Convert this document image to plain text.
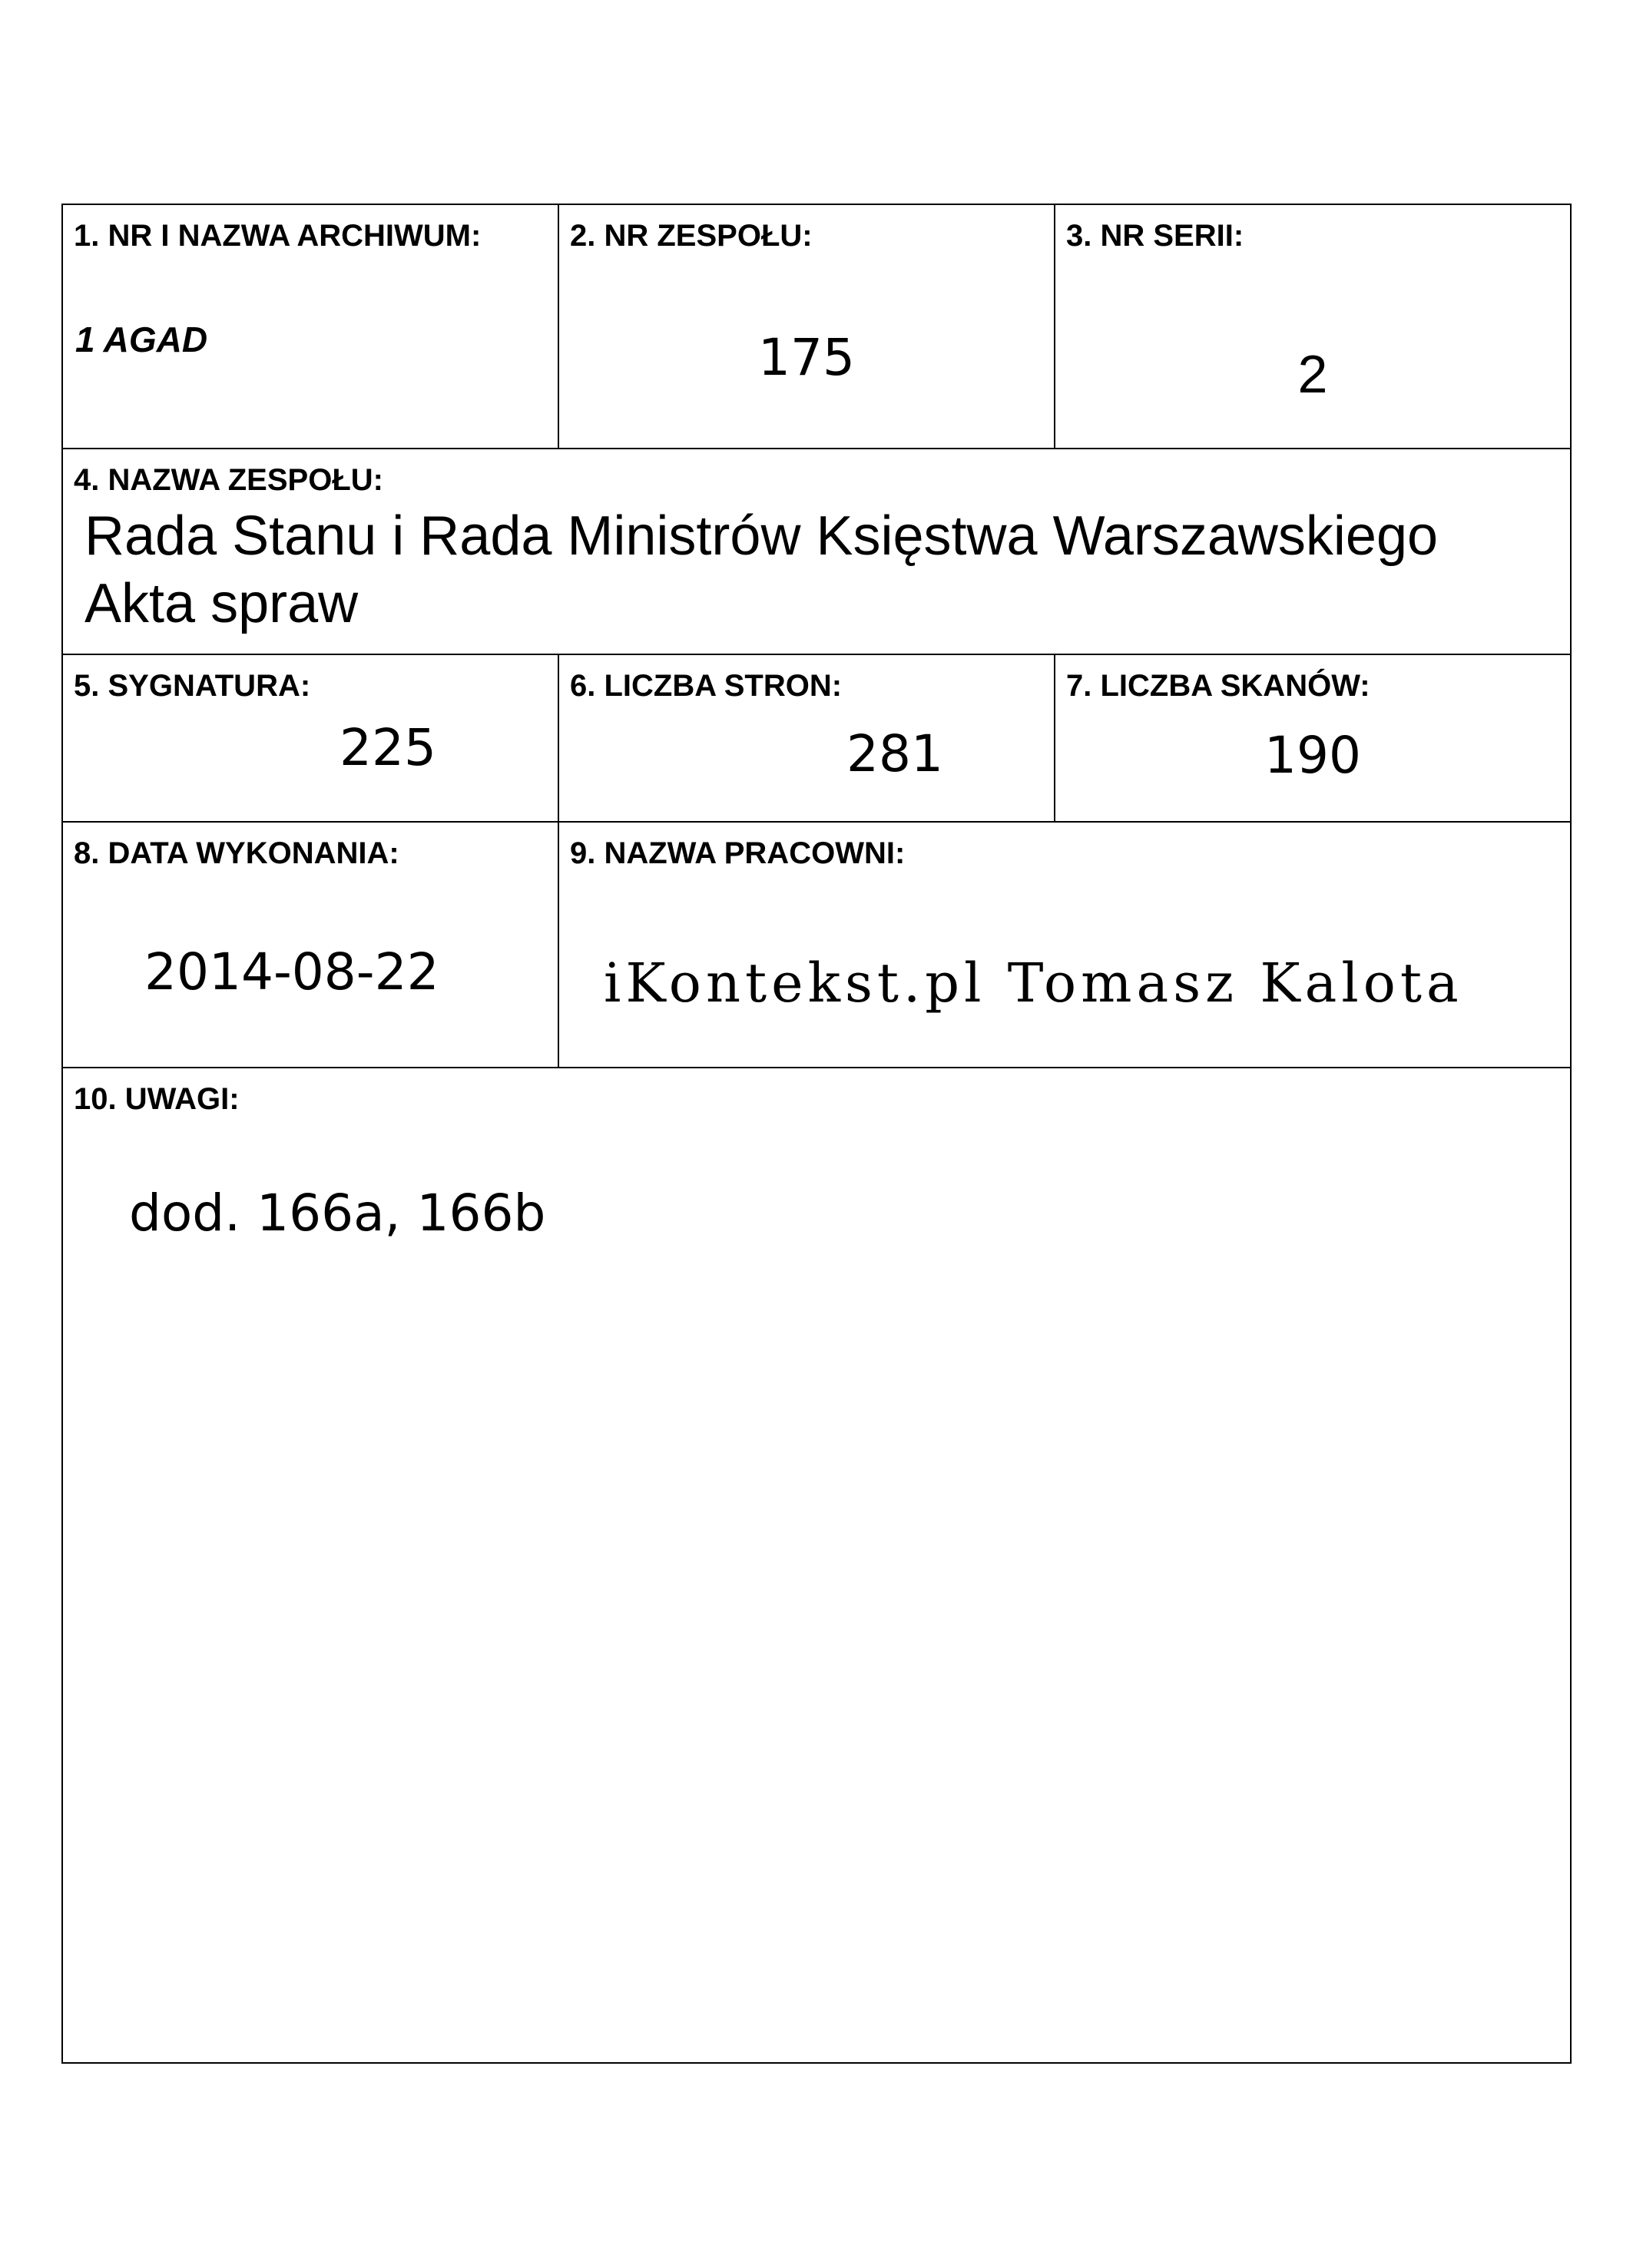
1. NR I NAZWA ARCHIWUM:
1 AGAD
2. NR ZESPOŁU:
175
3. NR SERII:
2
4. NAZWA ZESPOŁU:
Rada Stanu i Rada Ministrów Księstwa Warszawskiego
Akta spraw
5. SYGNATURA:
225
6. LICZBA STRON:
281
7. LICZBA SKANÓW:
190
8. DATA WYKONANIA:
2014-08-22
9. NAZWA PRACOWNI:
iKontekst.pl Tomasz Kalota
10. UWAGI:
dod. 166a, 166b
